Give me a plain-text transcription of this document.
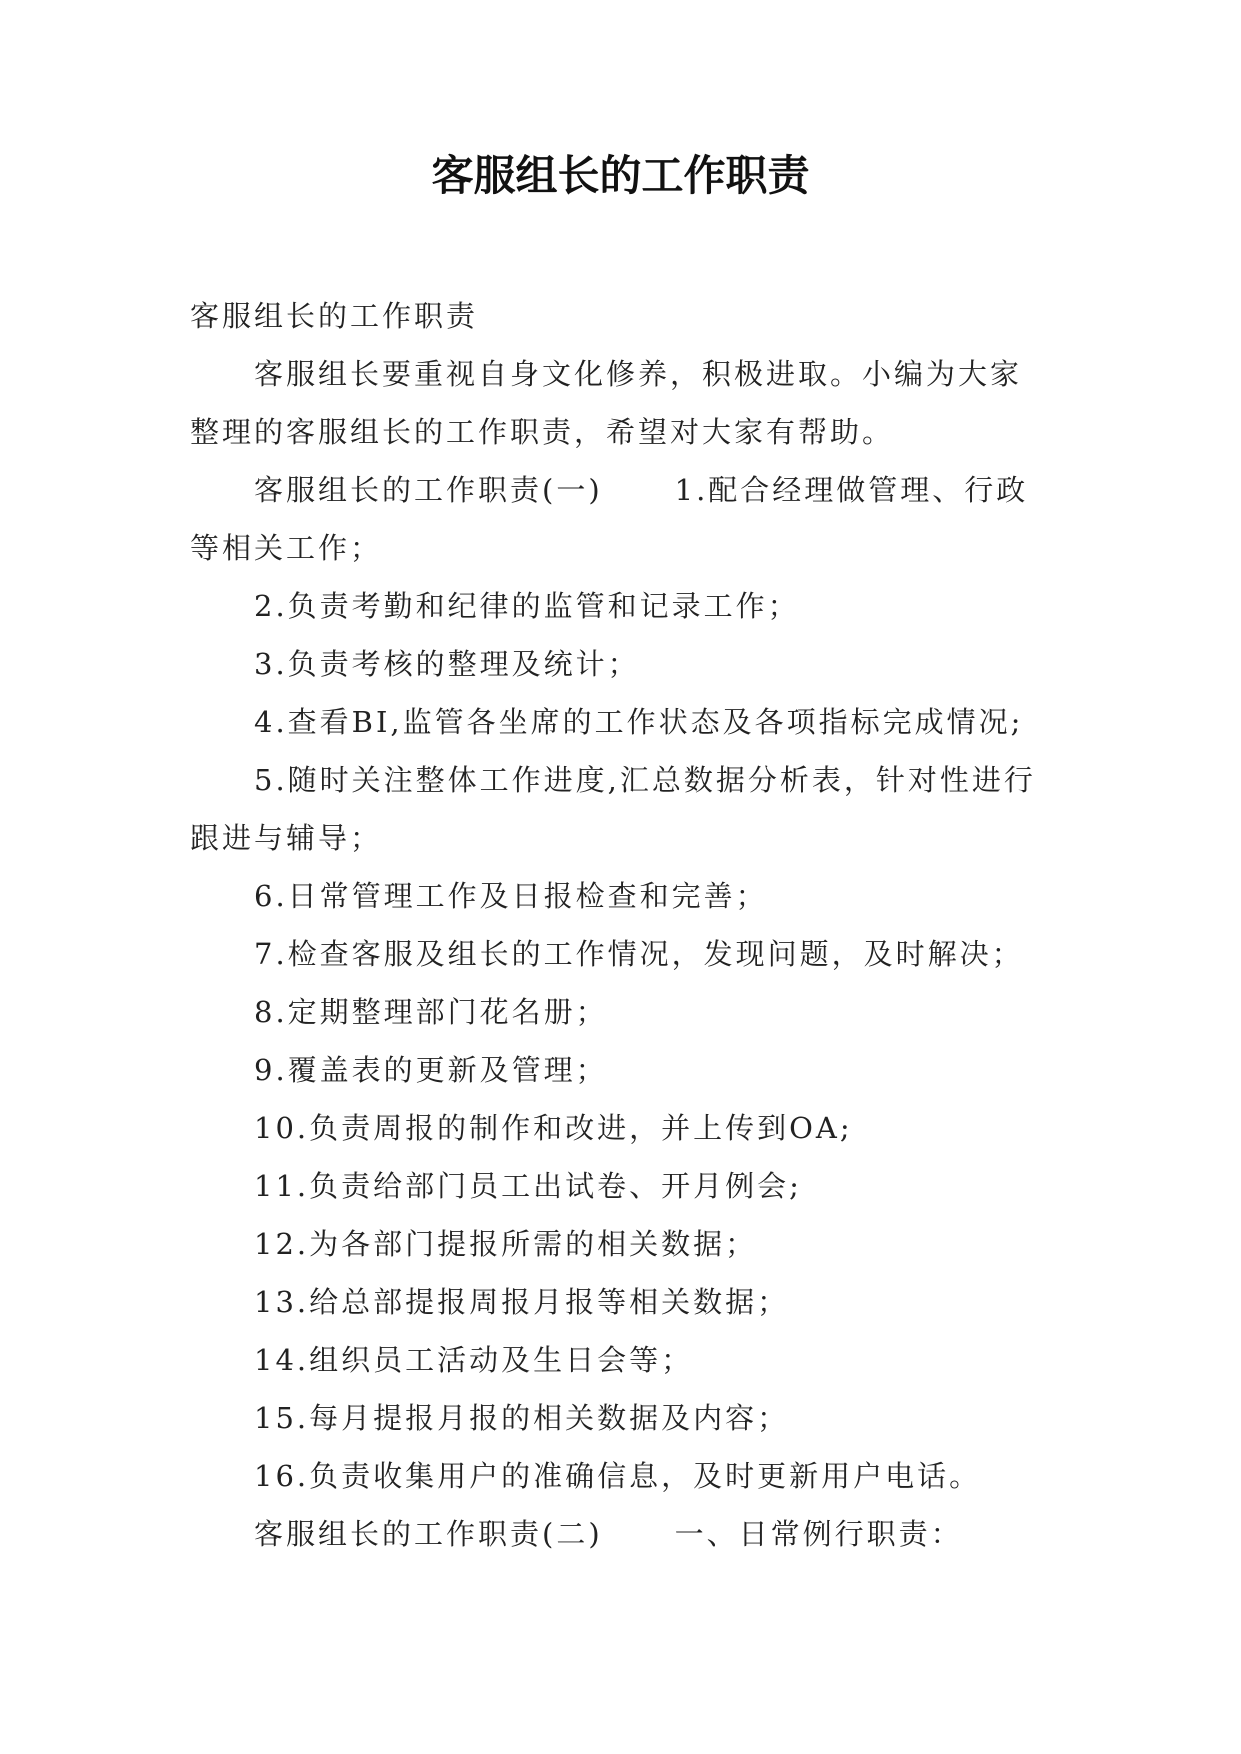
客服组长的工作职责

客服组长的工作职责

客服组长要重视自身文化修养，积极进取。小编为大家整理的客服组长的工作职责，希望对大家有帮助。

客服组长的工作职责(一) 1.配合经理做管理、行政等相关工作；

2.负责考勤和纪律的监管和记录工作；

3.负责考核的整理及统计；

4.查看BI,监管各坐席的工作状态及各项指标完成情况;

5.随时关注整体工作进度,汇总数据分析表，针对性进行跟进与辅导；

6.日常管理工作及日报检查和完善；

7.检查客服及组长的工作情况，发现问题，及时解决；

8.定期整理部门花名册；

9.覆盖表的更新及管理；

10.负责周报的制作和改进，并上传到OA;

11.负责给部门员工出试卷、开月例会;

12.为各部门提报所需的相关数据；

13.给总部提报周报月报等相关数据；

14.组织员工活动及生日会等；

15.每月提报月报的相关数据及内容；

16.负责收集用户的准确信息，及时更新用户电话。

客服组长的工作职责(二) 一、日常例行职责：
